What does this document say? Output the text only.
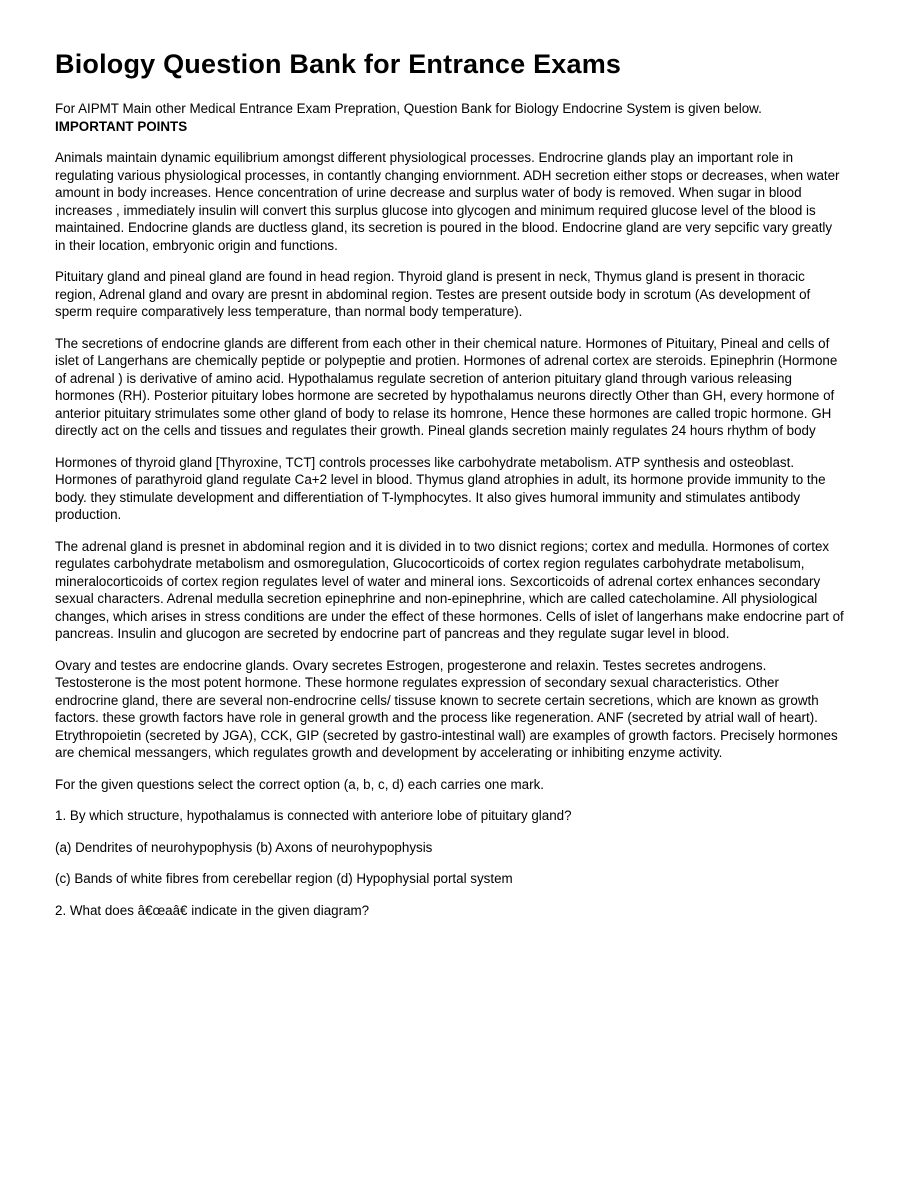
Biology Question Bank for Entrance Exams

For AIPMT Main other Medical Entrance Exam Prepration, Question Bank for Biology Endocrine System is given below.
IMPORTANT POINTS

Animals maintain dynamic equilibrium amongst different physiological processes. Endrocrine glands play an important role in regulating various physiological processes, in contantly changing enviornment. ADH secretion either stops or decreases, when water amount in body increases. Hence concentration of urine decrease and surplus water of body is removed. When sugar in blood increases , immediately insulin will convert this surplus glucose into glycogen and minimum required glucose level of the blood is maintained. Endocrine glands are ductless gland, its secretion is poured in the blood. Endocrine gland are very sepcific vary greatly in their location, embryonic origin and functions.

Pituitary gland and pineal gland are found in head region. Thyroid gland is present in neck, Thymus gland is present in thoracic region, Adrenal gland and ovary are presnt in abdominal region. Testes are present outside body in scrotum (As development of sperm require comparatively less temperature, than normal body temperature).

The secretions of endocrine glands are different from each other in their chemical nature. Hormones of Pituitary, Pineal and cells of islet of Langerhans are chemically peptide or polypeptie and protien. Hormones of adrenal cortex are steroids. Epinephrin (Hormone of adrenal ) is derivative of amino acid. Hypothalamus regulate secretion of anterion pituitary gland through various releasing hormones (RH). Posterior pituitary lobes hormone are secreted by hypothalamus neurons directly Other than GH, every hormone of anterior pituitary strimulates some other gland of body to relase its homrone, Hence these hormones are called tropic hormone. GH directly act on the cells and tissues and regulates their growth. Pineal glands secretion mainly regulates 24 hours rhythm of body

Hormones of thyroid gland [Thyroxine, TCT] controls processes like carbohydrate metabolism. ATP synthesis and osteoblast. Hormones of parathyroid gland regulate Ca+2 level in blood. Thymus gland atrophies in adult, its hormone provide immunity to the body. they stimulate development and differentiation of T-lymphocytes. It also gives humoral immunity and stimulates antibody production.

The adrenal gland is presnet in abdominal region and it is divided in to two disnict regions; cortex and medulla. Hormones of cortex regulates carbohydrate metabolism and osmoregulation, Glucocorticoids of cortex region regulates carbohydrate metabolisum, mineralocorticoids of cortex region regulates level of water and mineral ions. Sexcorticoids of adrenal cortex enhances secondary sexual characters. Adrenal medulla secretion epinephrine and non-epinephrine, which are called catecholamine. All physiological changes, which arises in stress conditions are under the effect of these hormones. Cells of islet of langerhans make endocrine part of pancreas. Insulin and glucogon are secreted by endocrine part of pancreas and they regulate sugar level in blood.

Ovary and testes are endocrine glands. Ovary secretes Estrogen, progesterone and relaxin. Testes secretes androgens. Testosterone is the most potent hormone. These hormone regulates expression of secondary sexual characteristics. Other endrocrine gland, there are several non-endrocrine cells/ tissuse known to secrete certain secretions, which are known as growth factors. these growth factors have role in general growth and the process like regeneration. ANF (secreted by atrial wall of heart). Etrythropoietin (secreted by JGA), CCK, GIP (secreted by gastro-intestinal wall) are examples of growth factors. Precisely hormones are chemical messangers, which regulates growth and development by accelerating or inhibiting enzyme activity.

For the given questions select the correct option (a, b, c, d) each carries one mark.

1. By which structure, hypothalamus is connected with anteriore lobe of pituitary gland?

(a) Dendrites of neurohypophysis (b) Axons of neurohypophysis

(c) Bands of white fibres from cerebellar region (d) Hypophysial portal system

2. What does â€œaâ€ indicate in the given diagram?
